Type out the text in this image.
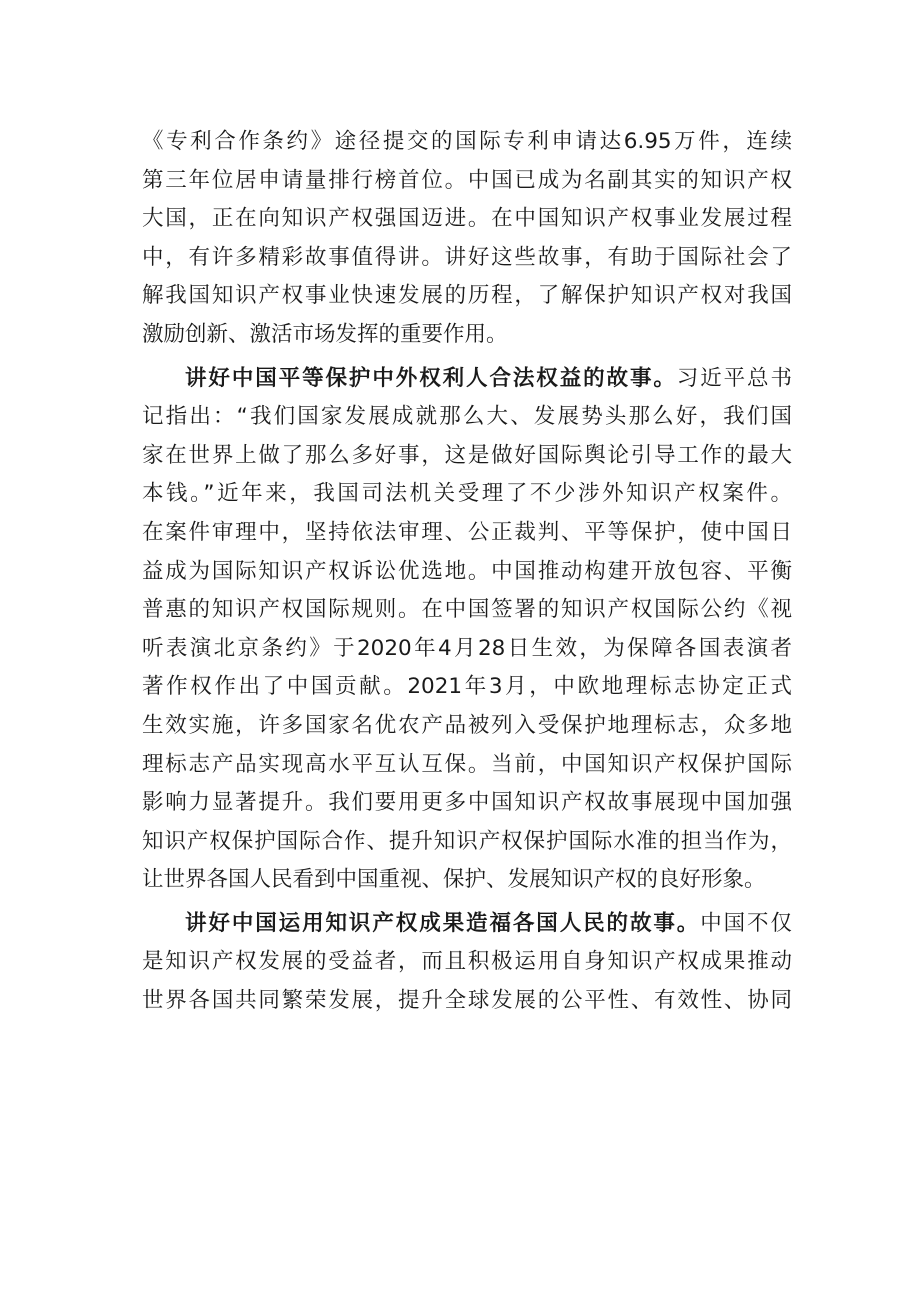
《专利合作条约》途径提交的国际专利申请达6.95万件，连续
第三年位居申请量排行榜首位。中国已成为名副其实的知识产权
大国，正在向知识产权强国迈进。在中国知识产权事业发展过程
中，有许多精彩故事值得讲。讲好这些故事，有助于国际社会了
解我国知识产权事业快速发展的历程，了解保护知识产权对我国
激励创新、激活市场发挥的重要作用。
讲好中国平等保护中外权利人合法权益的故事。习近平总书
记指出：“我们国家发展成就那么大、发展势头那么好，我们国
家在世界上做了那么多好事，这是做好国际舆论引导工作的最大
本钱。”近年来，我国司法机关受理了不少涉外知识产权案件。
在案件审理中，坚持依法审理、公正裁判、平等保护，使中国日
益成为国际知识产权诉讼优选地。中国推动构建开放包容、平衡
普惠的知识产权国际规则。在中国签署的知识产权国际公约《视
听表演北京条约》于2020年4月28日生效，为保障各国表演者
著作权作出了中国贡献。2021年3月，中欧地理标志协定正式
生效实施，许多国家名优农产品被列入受保护地理标志，众多地
理标志产品实现高水平互认互保。当前，中国知识产权保护国际
影响力显著提升。我们要用更多中国知识产权故事展现中国加强
知识产权保护国际合作、提升知识产权保护国际水准的担当作为，
让世界各国人民看到中国重视、保护、发展知识产权的良好形象。
讲好中国运用知识产权成果造福各国人民的故事。中国不仅
是知识产权发展的受益者，而且积极运用自身知识产权成果推动
世界各国共同繁荣发展，提升全球发展的公平性、有效性、协同
